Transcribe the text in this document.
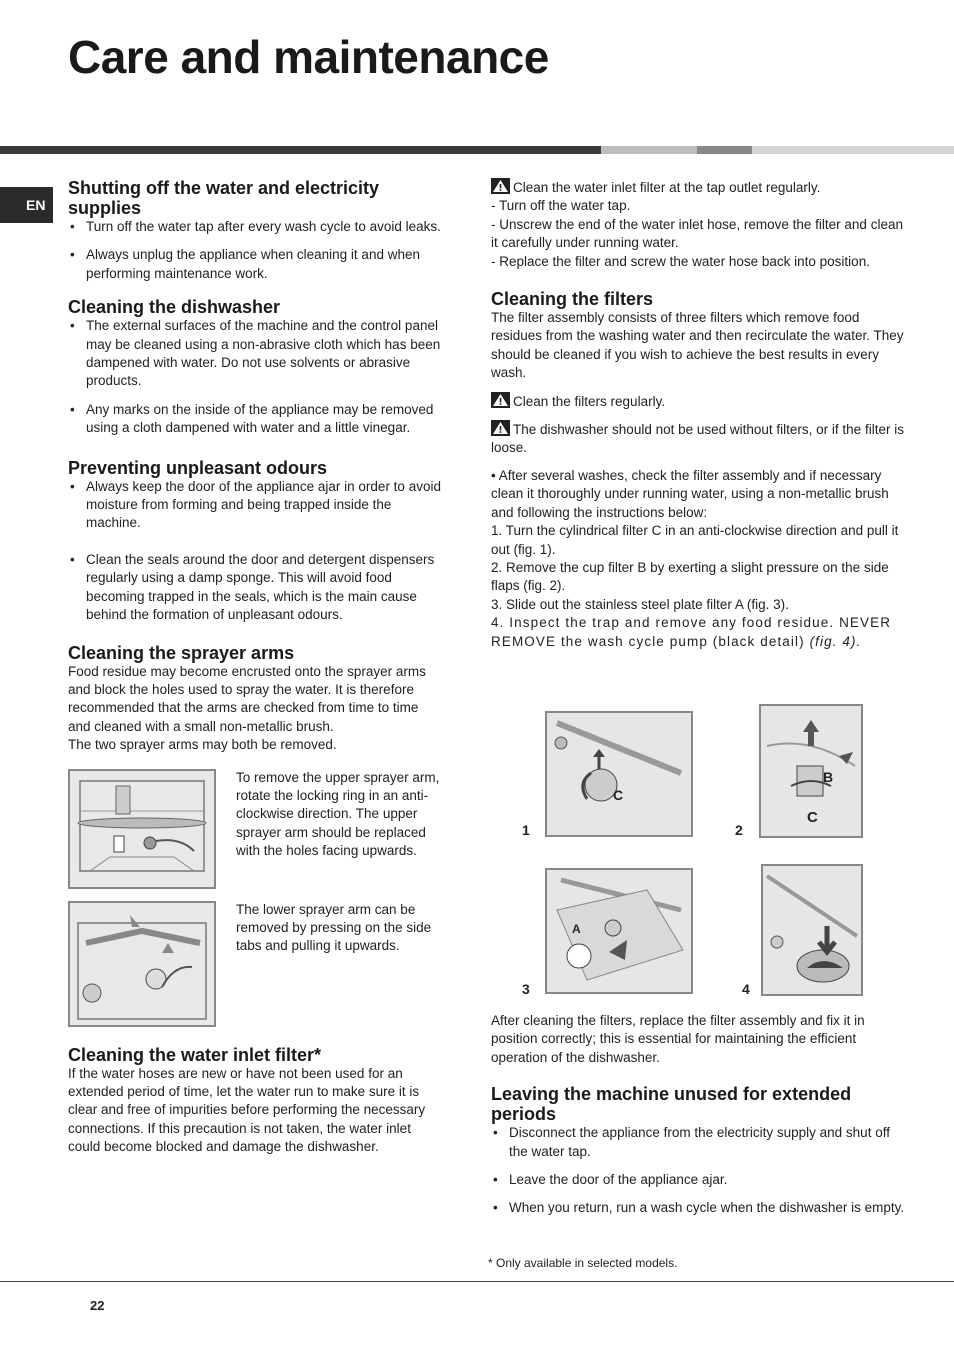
Care and maintenance
EN
Shutting off the water and electricity supplies
• Turn off the water tap after every wash cycle to avoid leaks.
• Always unplug the appliance when cleaning it and when performing maintenance work.
Cleaning the dishwasher
• The external surfaces of the machine and the control panel may be cleaned using a non-abrasive cloth which has been dampened with water. Do not use solvents or abrasive products.
• Any marks on the inside of the appliance may be removed using a cloth dampened with water and a little vinegar.
Preventing unpleasant odours
• Always keep the door of the appliance ajar in order to avoid moisture from forming and being trapped inside the machine.
• Clean the seals around the door and detergent dispensers regularly using a damp sponge. This will avoid food becoming trapped in the seals, which is the main cause behind the formation of unpleasant odours.
Cleaning the sprayer arms

Food residue may become encrusted onto the sprayer arms and block the holes used to spray the water. It is therefore recommended that the arms are checked from time to time and cleaned with a small non-metallic brush.

The two sprayer arms may both be removed.

To remove the upper sprayer arm, rotate the locking ring in an anti-clockwise direction. The upper sprayer arm should be replaced with the holes facing upwards.
The lower sprayer arm can be removed by pressing on the side tabs and pulling it upwards.
Cleaning the water inlet filter*

If the water hoses are new or have not been used for an extended period of time, let the water run to make sure it is clear and free of impurities before performing the necessary connections. If this precaution is not taken, the water inlet could become blocked and damage the dishwasher.

Clean the water inlet filter at the tap outlet regularly.

- Turn off the water tap.

- Unscrew the end of the water inlet hose, remove the filter and clean it carefully under running water.

- Replace the filter and screw the water hose back into position.

Cleaning the filters

The filter assembly consists of three filters which remove food residues from the washing water and then recirculate the water. They should be cleaned if you wish to achieve the best results in every wash.

Clean the filters regularly.

The dishwasher should not be used without filters, or if the filter is loose.

• After several washes, check the filter assembly and if necessary clean it thoroughly under running water, using a non-metallic brush and following the instructions below:

1. Turn the cylindrical filter C in an anti-clockwise direction and pull it out (fig. 1).

2. Remove the cup filter B by exerting a slight pressure on the side flaps (fig. 2).

3. Slide out the stainless steel plate filter A (fig. 3).

4. Inspect the trap and remove any food residue. NEVER REMOVE the wash cycle pump (black detail) (fig. 4).

C
1
B
C
2
A
3	4

After cleaning the filters, replace the filter assembly and fix it in position correctly; this is essential for maintaining the efficient operation of the dishwasher.

Leaving the machine unused for extended periods
• Disconnect the appliance from the electricity supply and shut off the water tap.
• Leave the door of the appliance ajar.
• When you return, run a wash cycle when the dishwasher is empty.
* Only available in selected models.
22
